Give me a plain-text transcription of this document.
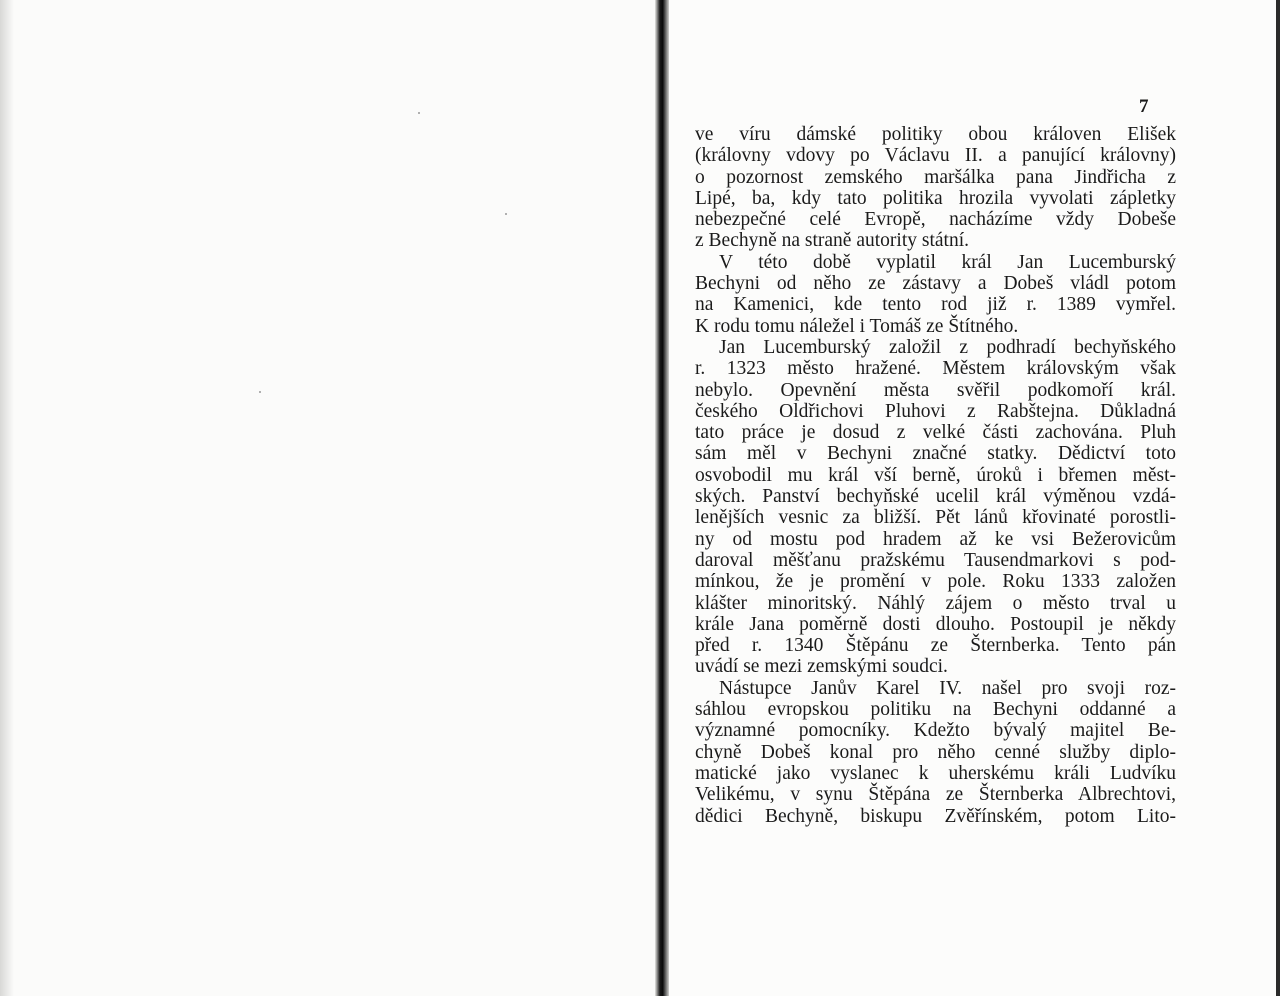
7
ve víru dámské politiky obou královen Elišek
(královny vdovy po Václavu II. a panující královny)
o pozornost zemského maršálka pana Jindřicha z
Lipé, ba, kdy tato politika hrozila vyvolati zápletky
nebezpečné celé Evropě, nacházíme vždy Dobeše
z Bechyně na straně autority státní.
V této době vyplatil král Jan Lucemburský
Bechyni od něho ze zástavy a Dobeš vládl potom
na Kamenici, kde tento rod již r. 1389 vymřel.
K rodu tomu náležel i Tomáš ze Štítného.
Jan Lucemburský založil z podhradí bechyňského
r. 1323 město hražené. Městem královským však
nebylo. Opevnění města svěřil podkomoří král.
českého Oldřichovi Pluhovi z Rabštejna. Důkladná
tato práce je dosud z velké části zachována. Pluh
sám měl v Bechyni značné statky. Dědictví toto
osvobodil mu král vší berně, úroků i břemen měst-
ských. Panství bechyňské ucelil král výměnou vzdá-
lenějších vesnic za bližší. Pět lánů křovinaté porostli-
ny od mostu pod hradem až ke vsi Bežerovicům
daroval měšťanu pražskému Tausendmarkovi s pod-
mínkou, že je promění v pole. Roku 1333 založen
klášter minoritský. Náhlý zájem o město trval u
krále Jana poměrně dosti dlouho. Postoupil je někdy
před r. 1340 Štěpánu ze Šternberka. Tento pán
uvádí se mezi zemskými soudci.
Nástupce Janův Karel IV. našel pro svoji roz-
sáhlou evropskou politiku na Bechyni oddanné a
významné pomocníky. Kdežto bývalý majitel Be-
chyně Dobeš konal pro něho cenné služby diplo-
matické jako vyslanec k uherskému králi Ludvíku
Velikému, v synu Štěpána ze Šternberka Albrechtovi,
dědici Bechyně, biskupu Zvěřínském, potom Lito-
